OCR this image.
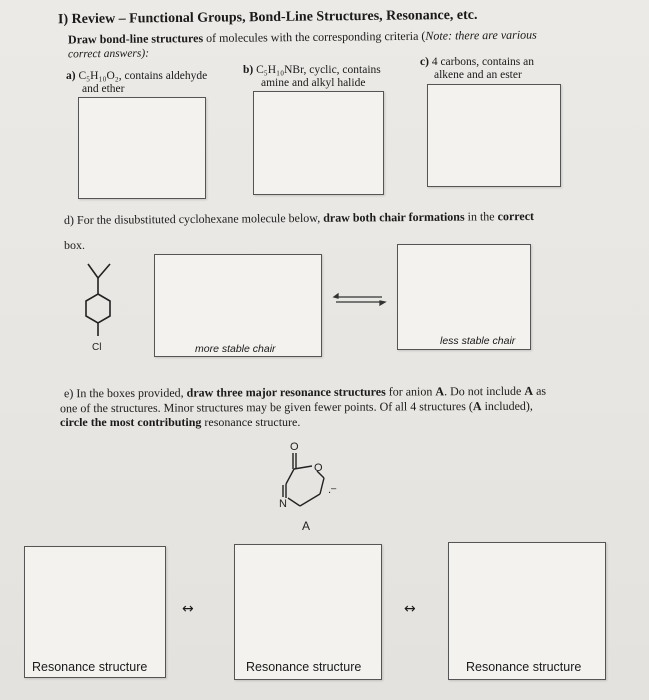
I) Review – Functional Groups, Bond-Line Structures, Resonance, etc.
Draw bond-line structures of molecules with the corresponding criteria (Note: there are various
correct answers):
a) C₅H₁₀O₂, contains aldehyde
and ether
b) C₅H₁₀NBr, cyclic, contains
amine and alkyl halide
c) 4 carbons, contains an
alkene and an ester
d) For the disubstituted cyclohexane molecule below, draw both chair formations in the correct
box.
Cl	more stable chair
less stable chair
e) In the boxes provided, draw three major resonance structures for anion A. Do not include A as
one of the structures. Minor structures may be given fewer points. Of all 4 structures (A included),
circle the most contributing resonance structure.
O
O
N
·‾
A
Resonance structure
↔
Resonance structure
↔
Resonance structure
